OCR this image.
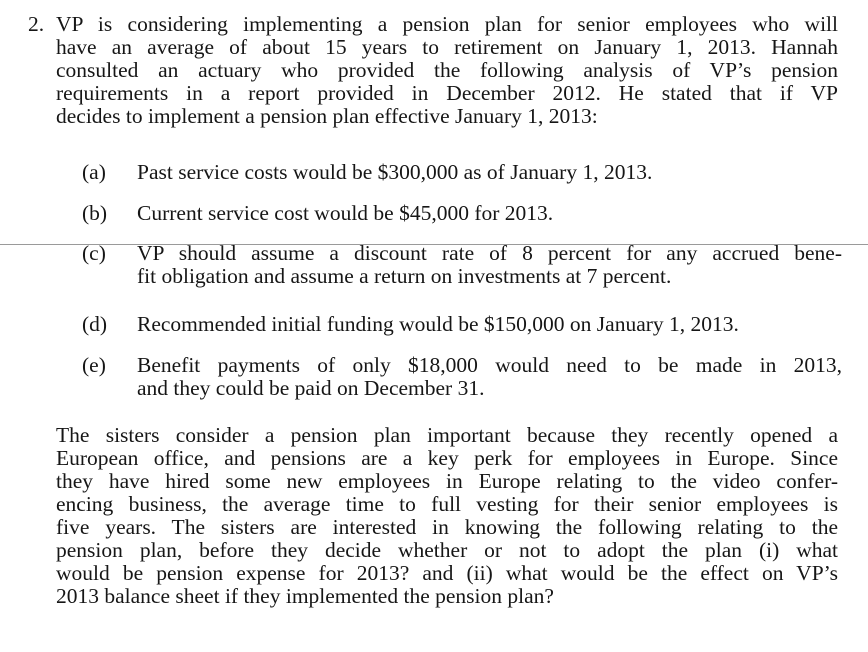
2. VP is considering implementing a pension plan for senior employees who will
have an average of about 15 years to retirement on January 1, 2013. Hannah
consulted an actuary who provided the following analysis of VP’s pension
requirements in a report provided in December 2012. He stated that if VP
decides to implement a pension plan effective January 1, 2013:
(a) Past service costs would be $300,000 as of January 1, 2013.
(b) Current service cost would be $45,000 for 2013.
(c) VP should assume a discount rate of 8 percent for any accrued bene-
fit obligation and assume a return on investments at 7 percent.
(d) Recommended initial funding would be $150,000 on January 1, 2013.
(e) Benefit payments of only $18,000 would need to be made in 2013,
and they could be paid on December 31.
The sisters consider a pension plan important because they recently opened a
European office, and pensions are a key perk for employees in Europe. Since
they have hired some new employees in Europe relating to the video confer-
encing business, the average time to full vesting for their senior employees is
five years. The sisters are interested in knowing the following relating to the
pension plan, before they decide whether or not to adopt the plan (i) what
would be pension expense for 2013? and (ii) what would be the effect on VP’s
2013 balance sheet if they implemented the pension plan?
